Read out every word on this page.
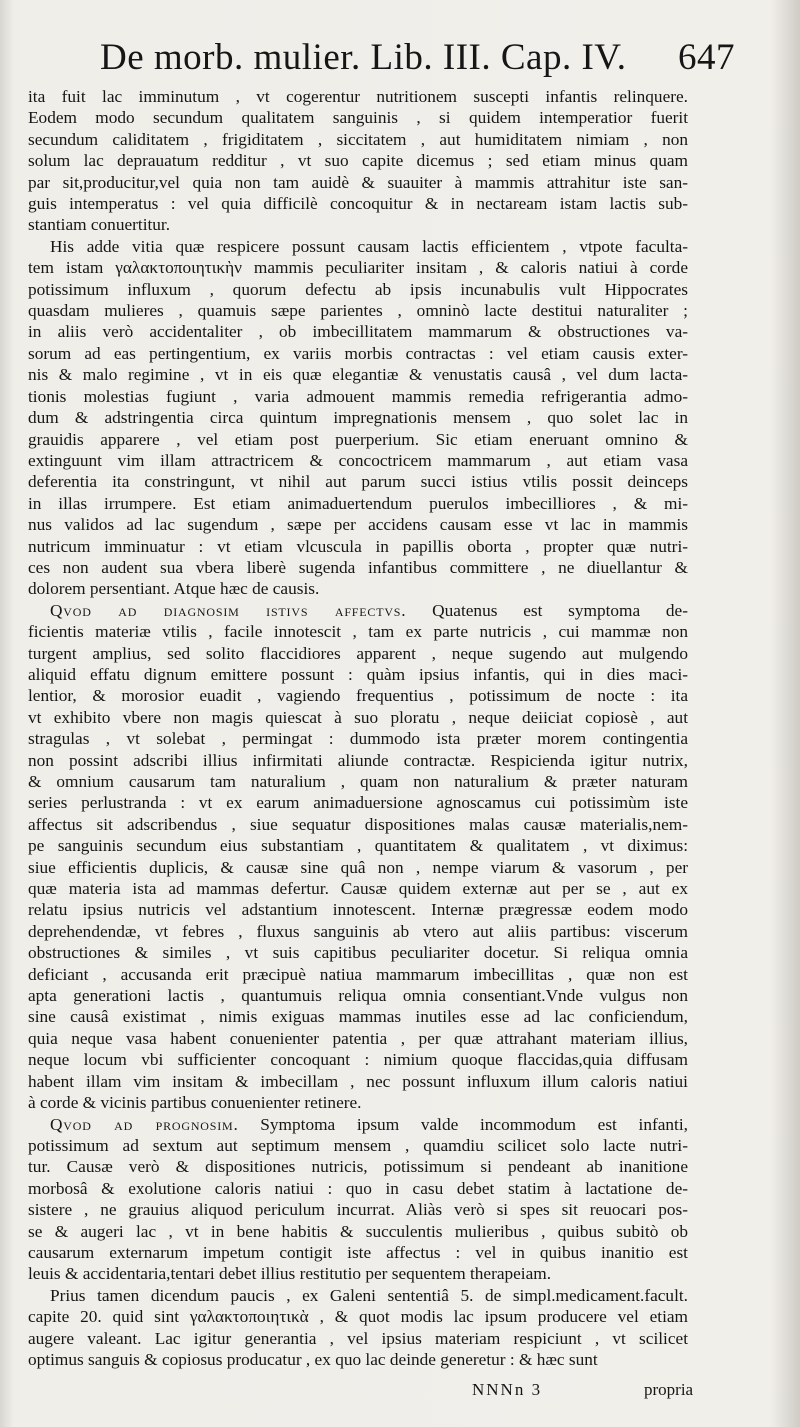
De morb. mulier. Lib. III. Cap. IV. 647
ita fuit lac imminutum , vt cogerentur nutritionem suscepti infantis relinquere.
Eodem modo secundum qualitatem sanguinis , si quidem intemperatior fuerit
secundum caliditatem , frigiditatem , siccitatem , aut humiditatem nimiam , non
solum lac deprauatum redditur , vt suo capite dicemus ; sed etiam minus quam
par sit,producitur,vel quia non tam auidè & suauiter à mammis attrahitur iste san-
guis intemperatus : vel quia difficilè concoquitur & in nectaream istam lactis sub-
stantiam conuertitur.
His adde vitia quæ respicere possunt causam lactis efficientem , vtpote faculta-
tem istam γαλακτοποιητικὴν mammis peculiariter insitam , & caloris natiui à corde
potissimum influxum , quorum defectu ab ipsis incunabulis vult Hippocrates
quasdam mulieres , quamuis sæpe parientes , omninò lacte destitui naturaliter ;
in aliis verò accidentaliter , ob imbecillitatem mammarum & obstructiones va-
sorum ad eas pertingentium, ex variis morbis contractas : vel etiam causis exter-
nis & malo regimine , vt in eis quæ elegantiæ & venustatis causâ , vel dum lacta-
tionis molestias fugiunt , varia admouent mammis remedia refrigerantia admo-
dum & adstringentia circa quintum impregnationis mensem , quo solet lac in
grauidis apparere , vel etiam post puerperium. Sic etiam eneruant omnino &
extinguunt vim illam attractricem & concoctricem mammarum , aut etiam vasa
deferentia ita constringunt, vt nihil aut parum succi istius vtilis possit deinceps
in illas irrumpere. Est etiam animaduertendum puerulos imbecilliores , & mi-
nus validos ad lac sugendum , sæpe per accidens causam esse vt lac in mammis
nutricum imminuatur : vt etiam vlcuscula in papillis oborta , propter quæ nutri-
ces non audent sua vbera liberè sugenda infantibus committere , ne diuellantur &
dolorem persentiant. Atque hæc de causis.
Qvod ad diagnosim istivs affectvs. Quatenus est symptoma de-
ficientis materiæ vtilis , facile innotescit , tam ex parte nutricis , cui mammæ non
turgent amplius, sed solito flaccidiores apparent , neque sugendo aut mulgendo
aliquid effatu dignum emittere possunt : quàm ipsius infantis, qui in dies maci-
lentior, & morosior euadit , vagiendo frequentius , potissimum de nocte : ita
vt exhibito vbere non magis quiescat à suo ploratu , neque deiiciat copiosè , aut
stragulas , vt solebat , permingat : dummodo ista præter morem contingentia
non possint adscribi illius infirmitati aliunde contractæ. Respicienda igitur nutrix,
& omnium causarum tam naturalium , quam non naturalium & præter naturam
series perlustranda : vt ex earum animaduersione agnoscamus cui potissimùm iste
affectus sit adscribendus , siue sequatur dispositiones malas causæ materialis,nem-
pe sanguinis secundum eius substantiam , quantitatem & qualitatem , vt diximus:
siue efficientis duplicis, & causæ sine quâ non , nempe viarum & vasorum , per
quæ materia ista ad mammas defertur. Causæ quidem externæ aut per se , aut ex
relatu ipsius nutricis vel adstantium innotescent. Internæ prægressæ eodem modo
deprehendendæ, vt febres , fluxus sanguinis ab vtero aut aliis partibus: viscerum
obstructiones & similes , vt suis capitibus peculiariter docetur. Si reliqua omnia
deficiant , accusanda erit præcipuè natiua mammarum imbecillitas , quæ non est
apta generationi lactis , quantumuis reliqua omnia consentiant.Vnde vulgus non
sine causâ existimat , nimis exiguas mammas inutiles esse ad lac conficiendum,
quia neque vasa habent conuenienter patentia , per quæ attrahant materiam illius,
neque locum vbi sufficienter concoquant : nimium quoque flaccidas,quia diffusam
habent illam vim insitam & imbecillam , nec possunt influxum illum caloris natiui
à corde & vicinis partibus conuenienter retinere.
Qvod ad prognosim. Symptoma ipsum valde incommodum est infanti,
potissimum ad sextum aut septimum mensem , quamdiu scilicet solo lacte nutri-
tur. Causæ verò & dispositiones nutricis, potissimum si pendeant ab inanitione
morbosâ & exolutione caloris natiui : quo in casu debet statim à lactatione de-
sistere , ne grauius aliquod periculum incurrat. Aliàs verò si spes sit reuocari pos-
se & augeri lac , vt in bene habitis & succulentis mulieribus , quibus subitò ob
causarum externarum impetum contigit iste affectus : vel in quibus inanitio est
leuis & accidentaria,tentari debet illius restitutio per sequentem therapeiam.
Prius tamen dicendum paucis , ex Galeni sententiâ 5. de simpl.medicament.facult.
capite 20. quid sint γαλακτοποιητικὰ , & quot modis lac ipsum producere vel etiam
augere valeant. Lac igitur generantia , vel ipsius materiam respiciunt , vt scilicet
optimus sanguis & copiosus producatur , ex quo lac deinde generetur : & hæc sunt
NNNn 3	propria
